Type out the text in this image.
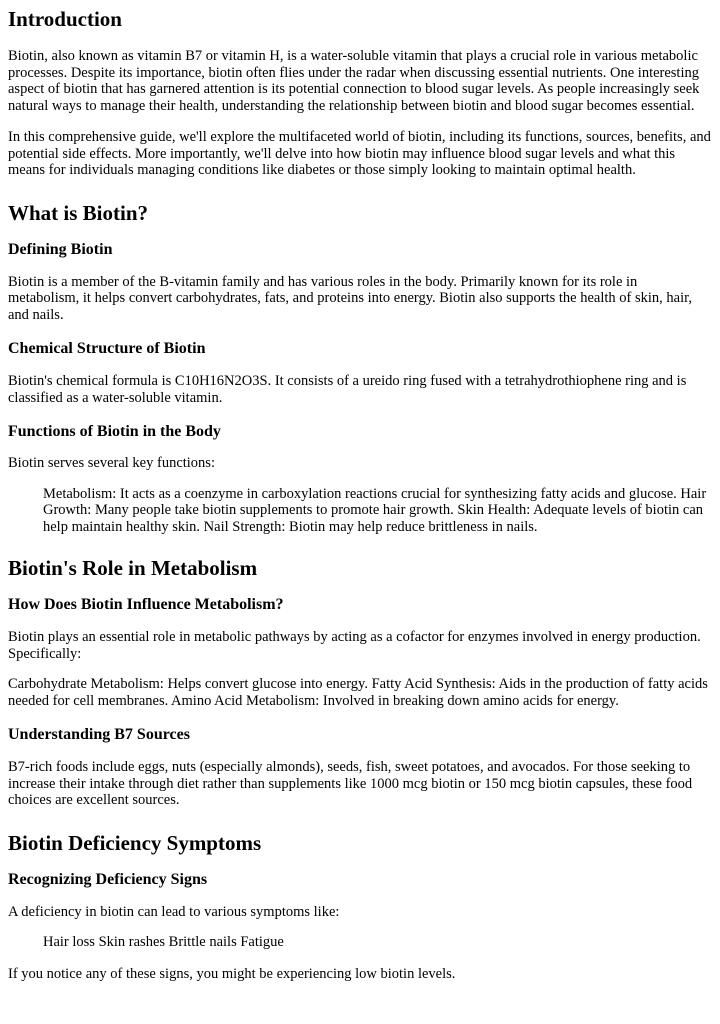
Introduction

Biotin, also known as vitamin B7 or vitamin H, is a water-soluble vitamin that plays a crucial role in various metabolic processes. Despite its importance, biotin often flies under the radar when discussing essential nutrients. One interesting aspect of biotin that has garnered attention is its potential connection to blood sugar levels. As people increasingly seek natural ways to manage their health, understanding the relationship between biotin and blood sugar becomes essential.

In this comprehensive guide, we'll explore the multifaceted world of biotin, including its functions, sources, benefits, and potential side effects. More importantly, we'll delve into how biotin may influence blood sugar levels and what this means for individuals managing conditions like diabetes or those simply looking to maintain optimal health.

What is Biotin?
Defining Biotin

Biotin is a member of the B-vitamin family and has various roles in the body. Primarily known for its role in metabolism, it helps convert carbohydrates, fats, and proteins into energy. Biotin also supports the health of skin, hair, and nails.

Chemical Structure of Biotin

Biotin's chemical formula is C10H16N2O3S. It consists of a ureido ring fused with a tetrahydrothiophene ring and is classified as a water-soluble vitamin.

Functions of Biotin in the Body

Biotin serves several key functions:

Metabolism: It acts as a coenzyme in carboxylation reactions crucial for synthesizing fatty acids and glucose. Hair Growth: Many people take biotin supplements to promote hair growth. Skin Health: Adequate levels of biotin can help maintain healthy skin. Nail Strength: Biotin may help reduce brittleness in nails.
Biotin's Role in Metabolism
How Does Biotin Influence Metabolism?

Biotin plays an essential role in metabolic pathways by acting as a cofactor for enzymes involved in energy production. Specifically:

Carbohydrate Metabolism: Helps convert glucose into energy. Fatty Acid Synthesis: Aids in the production of fatty acids needed for cell membranes. Amino Acid Metabolism: Involved in breaking down amino acids for energy.

Understanding B7 Sources

B7-rich foods include eggs, nuts (especially almonds), seeds, fish, sweet potatoes, and avocados. For those seeking to increase their intake through diet rather than supplements like 1000 mcg biotin or 150 mcg biotin capsules, these food choices are excellent sources.

Biotin Deficiency Symptoms
Recognizing Deficiency Signs

A deficiency in biotin can lead to various symptoms like:

Hair loss Skin rashes Brittle nails Fatigue

If you notice any of these signs, you might be experiencing low biotin levels.
